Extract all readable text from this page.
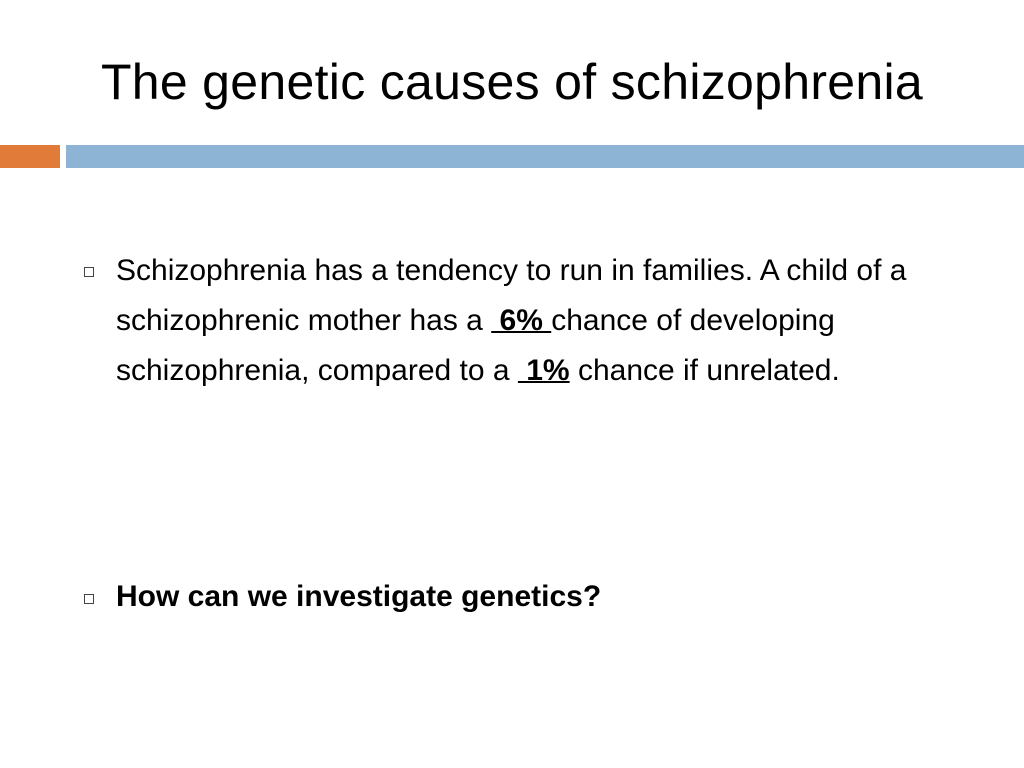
The genetic causes of schizophrenia
Schizophrenia has a tendency to run in families. A child of a schizophrenic mother has a  6% chance of developing schizophrenia, compared to a  1% chance if unrelated.
How can we investigate genetics?
